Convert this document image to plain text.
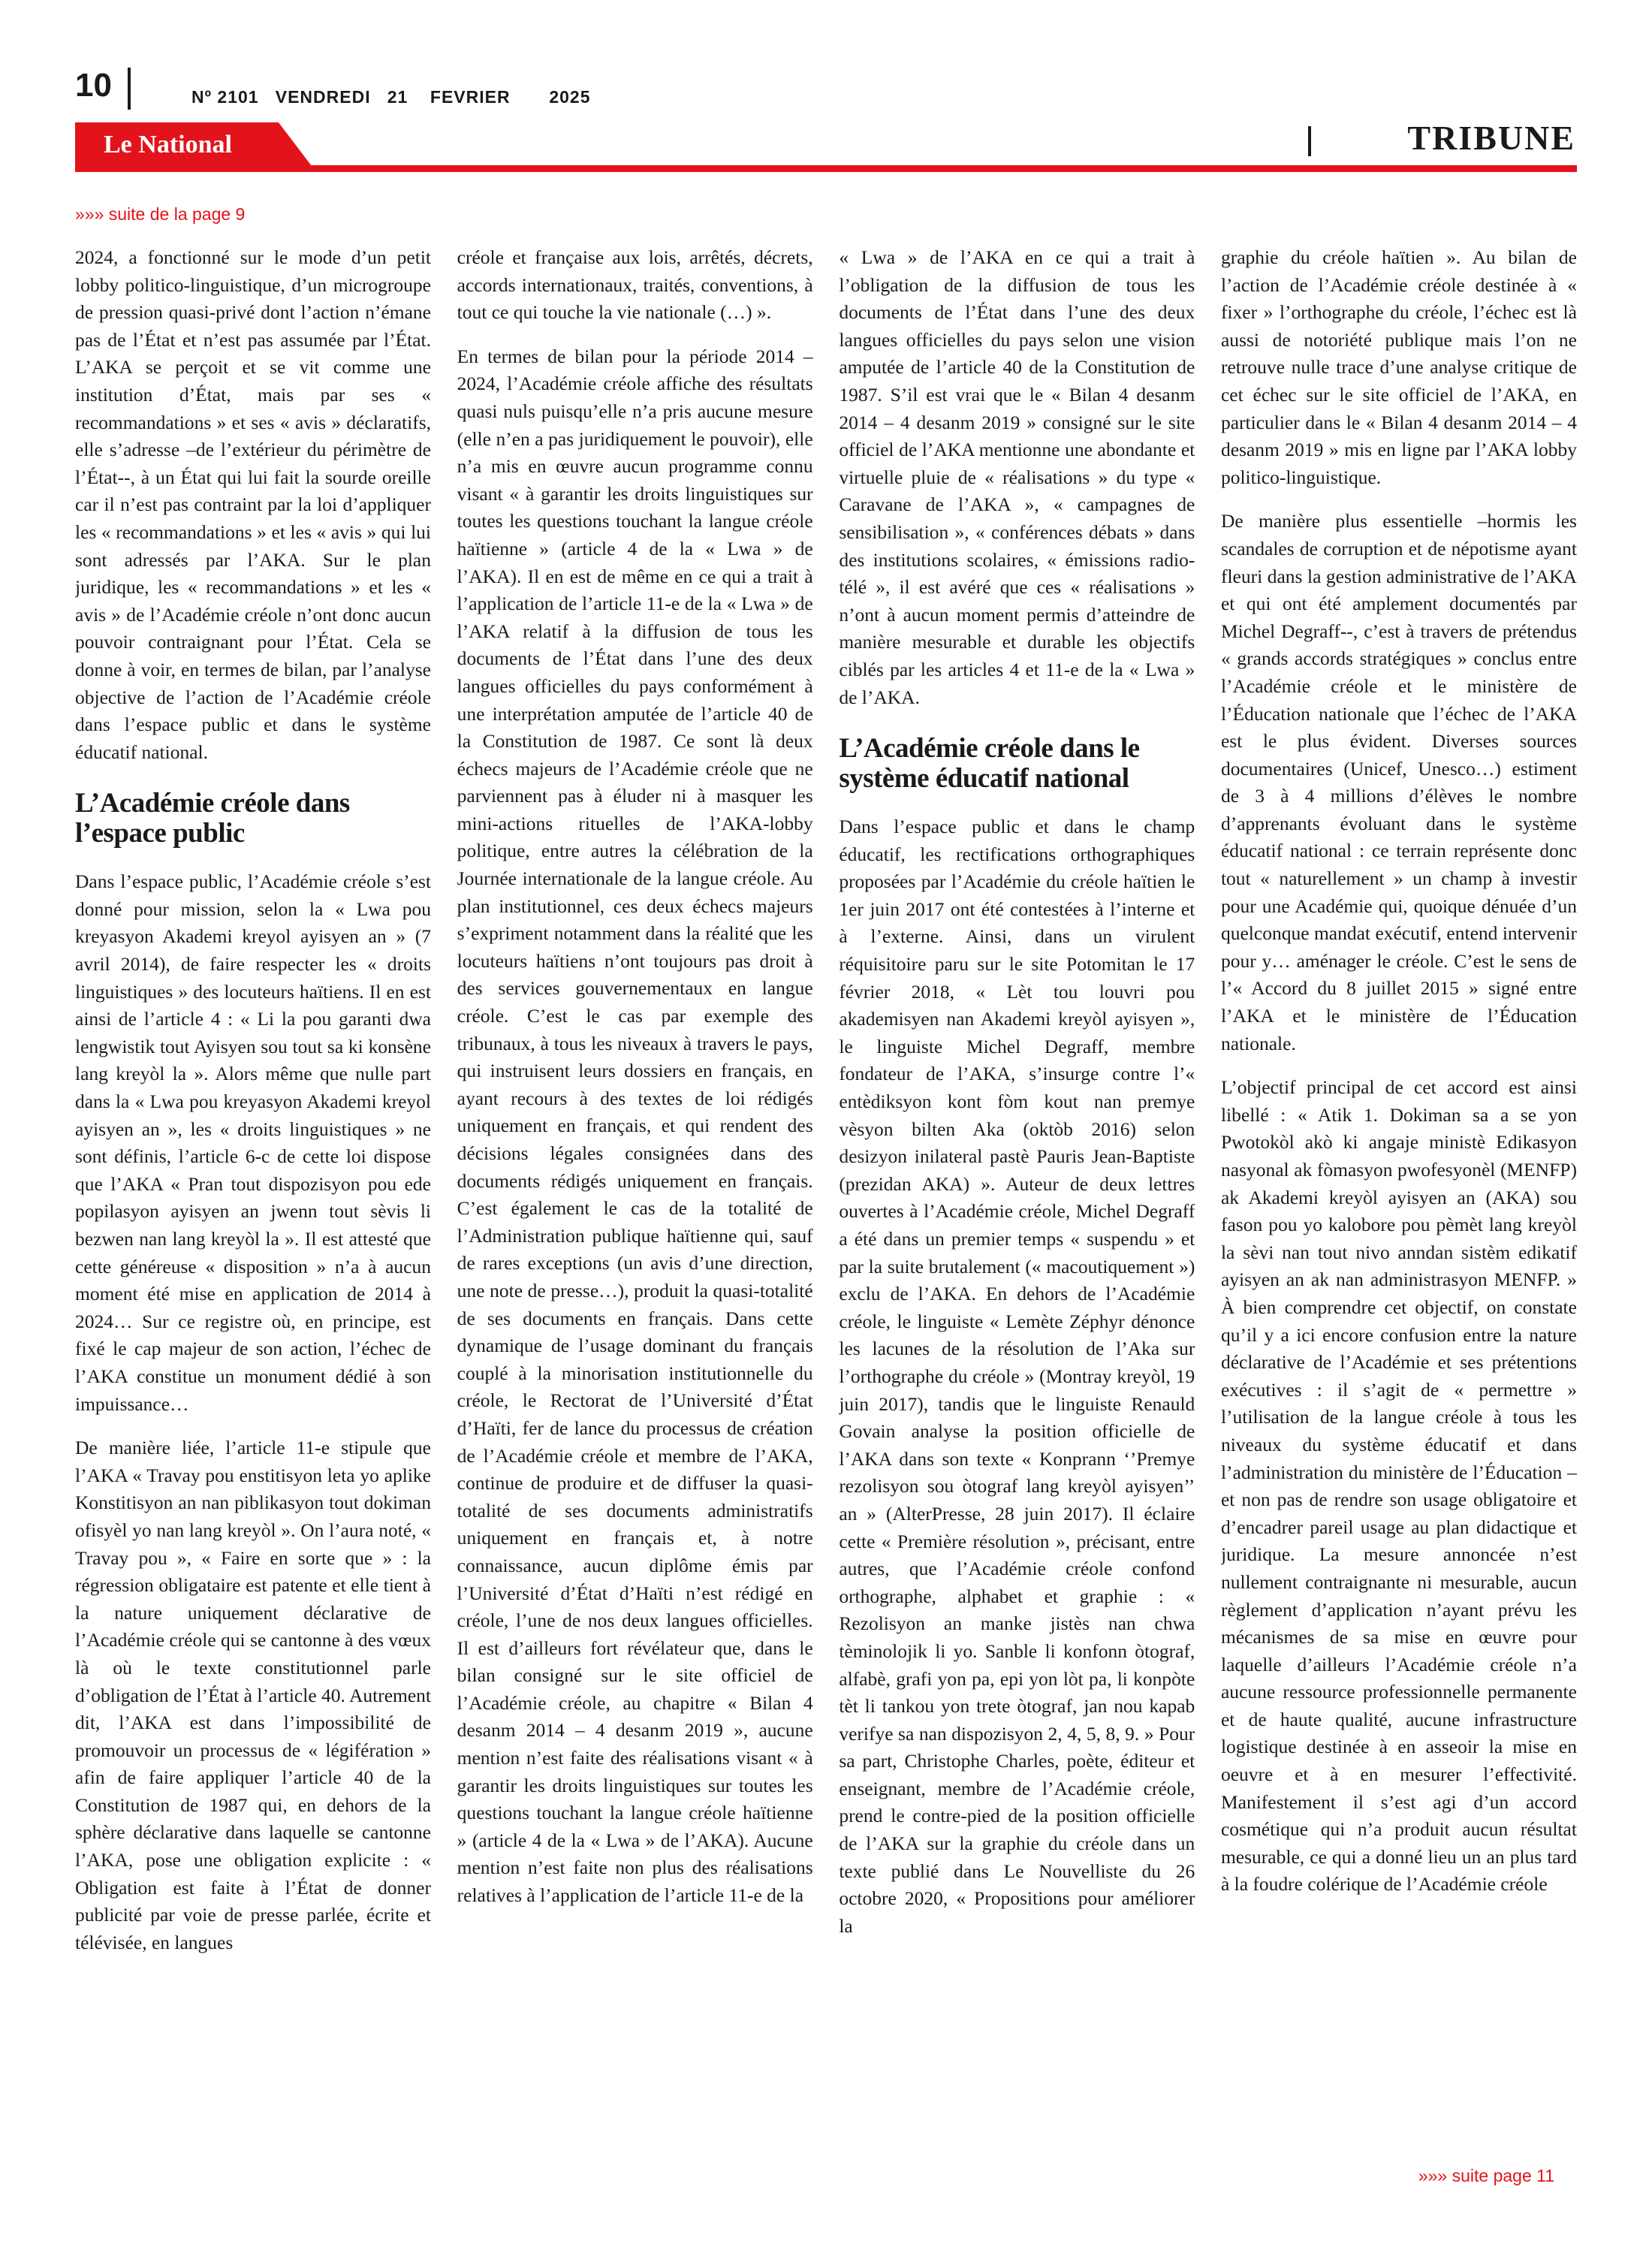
10	Nº 2101   VENDREDI   21    FEVRIER       2025
Le National	TRIBUNE
»»» suite de la page 9

2024, a fonctionné sur le mode d’un petit lobby politico-linguistique, d’un microgroupe de pression quasi-privé dont l’action n’émane pas de l’État et n’est pas assumée par l’État. L’AKA se perçoit et se vit comme une institution d’État, mais par ses « recommandations » et ses « avis » déclaratifs, elle s’adresse –de l’extérieur du périmètre de l’État--, à un État qui lui fait la sourde oreille car il n’est pas contraint par la loi d’appliquer les « recommandations » et les « avis » qui lui sont adressés par l’AKA. Sur le plan juridique, les « recommandations » et les « avis » de l’Académie créole n’ont donc aucun pouvoir contraignant pour l’État. Cela se donne à voir, en termes de bilan, par l’analyse objective de l’action de l’Académie créole dans l’espace public et dans le système éducatif national.

L’Académie créole dans l’espace public

Dans l’espace public, l’Académie créole s’est donné pour mission, selon la « Lwa pou kreyasyon Akademi kreyol ayisyen an » (7 avril 2014), de faire respecter les « droits linguistiques » des locuteurs haïtiens. Il en est ainsi de l’article 4 : « Li la pou garanti dwa lengwistik tout Ayisyen sou tout sa ki konsène lang kreyòl la ». Alors même que nulle part dans la « Lwa pou kreyasyon Akademi kreyol ayisyen an », les « droits linguistiques » ne sont définis, l’article 6-c de cette loi dispose que l’AKA « Pran tout dispozisyon pou ede popilasyon ayisyen an jwenn tout sèvis li bezwen nan lang kreyòl la ». Il est attesté que cette généreuse « disposition » n’a à aucun moment été mise en application de 2014 à 2024… Sur ce registre où, en principe, est fixé le cap majeur de son action, l’échec de l’AKA constitue un monument dédié à son impuissance…

De manière liée, l’article 11-e stipule que l’AKA « Travay pou enstitisyon leta yo aplike Konstitisyon an nan piblikasyon tout dokiman ofisyèl yo nan lang kreyòl ». On l’aura noté, « Travay pou », « Faire en sorte que » : la régression obligataire est patente et elle tient à la nature uniquement déclarative de l’Académie créole qui se cantonne à des vœux là où le texte constitutionnel parle d’obligation de l’État à l’article 40. Autrement dit, l’AKA est dans l’impossibilité de promouvoir un processus de « légifération » afin de faire appliquer l’article 40 de la Constitution de 1987 qui, en dehors de la sphère déclarative dans laquelle se cantonne l’AKA, pose une obligation explicite : « Obligation est faite à l’État de donner publicité par voie de presse parlée, écrite et télévisée, en langues

créole et française aux lois, arrêtés, décrets, accords internationaux, traités, conventions, à tout ce qui touche la vie nationale (…) ».

En termes de bilan pour la période 2014 – 2024, l’Académie créole affiche des résultats quasi nuls puisqu’elle n’a pris aucune mesure (elle n’en a pas juridiquement le pouvoir), elle n’a mis en œuvre aucun programme connu visant « à garantir les droits linguistiques sur toutes les questions touchant la langue créole haïtienne » (article 4 de la « Lwa » de l’AKA). Il en est de même en ce qui a trait à l’application de l’article 11-e de la « Lwa » de l’AKA relatif à la diffusion de tous les documents de l’État dans l’une des deux langues officielles du pays conformément à une interprétation amputée de l’article 40 de la Constitution de 1987. Ce sont là deux échecs majeurs de l’Académie créole que ne parviennent pas à éluder ni à masquer les mini-actions rituelles de l’AKA-lobby politique, entre autres la célébration de la Journée internationale de la langue créole. Au plan institutionnel, ces deux échecs majeurs s’expriment notamment dans la réalité que les locuteurs haïtiens n’ont toujours pas droit à des services gouvernementaux en langue créole. C’est le cas par exemple des tribunaux, à tous les niveaux à travers le pays, qui instruisent leurs dossiers en français, en ayant recours à des textes de loi rédigés uniquement en français, et qui rendent des décisions légales consignées dans des documents rédigés uniquement en français. C’est également le cas de la totalité de l’Administration publique haïtienne qui, sauf de rares exceptions (un avis d’une direction, une note de presse…), produit la quasi-totalité de ses documents en français. Dans cette dynamique de l’usage dominant du français couplé à la minorisation institutionnelle du créole, le Rectorat de l’Université d’État d’Haïti, fer de lance du processus de création de l’Académie créole et membre de l’AKA, continue de produire et de diffuser la quasi-totalité de ses documents administratifs uniquement en français et, à notre connaissance, aucun diplôme émis par l’Université d’État d’Haïti n’est rédigé en créole, l’une de nos deux langues officielles. Il est d’ailleurs fort révélateur que, dans le bilan consigné sur le site officiel de l’Académie créole, au chapitre « Bilan 4 desanm 2014 – 4 desanm 2019 », aucune mention n’est faite des réalisations visant « à garantir les droits linguistiques sur toutes les questions touchant la langue créole haïtienne » (article 4 de la « Lwa » de l’AKA). Aucune mention n’est faite non plus des réalisations relatives à l’application de l’article 11-e de la

« Lwa » de l’AKA en ce qui a trait à l’obligation de la diffusion de tous les documents de l’État dans l’une des deux langues officielles du pays selon une vision amputée de l’article 40 de la Constitution de 1987. S’il est vrai que le « Bilan 4 desanm 2014 – 4 desanm 2019 » consigné sur le site officiel de l’AKA mentionne une abondante et virtuelle pluie de « réalisations » du type « Caravane de l’AKA », « campagnes de sensibilisation », « conférences débats » dans des institutions scolaires, « émissions radio-télé », il est avéré que ces « réalisations » n’ont à aucun moment permis d’atteindre de manière mesurable et durable les objectifs ciblés par les articles 4 et 11-e de la « Lwa » de l’AKA.

L’Académie créole dans le système éducatif national

Dans l’espace public et dans le champ éducatif, les rectifications orthographiques proposées par l’Académie du créole haïtien le 1er juin 2017 ont été contestées à l’interne et à l’externe. Ainsi, dans un virulent réquisitoire paru sur le site Potomitan le 17 février 2018, « Lèt tou louvri pou akademisyen nan Akademi kreyòl ayisyen », le linguiste Michel Degraff, membre fondateur de l’AKA, s’insurge contre l’« entèdiksyon kont fòm kout nan premye vèsyon bilten Aka (oktòb 2016) selon desizyon inilateral pastè Pauris Jean-Baptiste (prezidan AKA) ». Auteur de deux lettres ouvertes à l’Académie créole, Michel Degraff a été dans un premier temps « suspendu » et par la suite brutalement (« macoutiquement ») exclu de l’AKA. En dehors de l’Académie créole, le linguiste « Lemète Zéphyr dénonce les lacunes de la résolution de l’Aka sur l’orthographe du créole » (Montray kreyòl, 19 juin 2017), tandis que le linguiste Renauld Govain analyse la position officielle de l’AKA dans son texte « Konprann ‘’Premye rezolisyon sou òtograf lang kreyòl ayisyen’’ an » (AlterPresse, 28 juin 2017). Il éclaire cette « Première résolution », précisant, entre autres, que l’Académie créole confond orthographe, alphabet et graphie : « Rezolisyon an manke jistès nan chwa tèminolojik li yo. Sanble li konfonn òtograf, alfabè, grafi yon pa, epi yon lòt pa, li konpòte tèt li tankou yon trete òtograf, jan nou kapab verifye sa nan dispozisyon 2, 4, 5, 8, 9. » Pour sa part, Christophe Charles, poète, éditeur et enseignant, membre de l’Académie créole, prend le contre-pied de la position officielle de l’AKA sur la graphie du créole dans un texte publié dans Le Nouvelliste du 26 octobre 2020, « Propositions pour améliorer la

graphie du créole haïtien ». Au bilan de l’action de l’Académie créole destinée à « fixer » l’orthographe du créole, l’échec est là aussi de notoriété publique mais l’on ne retrouve nulle trace d’une analyse critique de cet échec sur le site officiel de l’AKA, en particulier dans le « Bilan 4 desanm 2014 – 4 desanm 2019 » mis en ligne par l’AKA lobby politico-linguistique.

De manière plus essentielle –hormis les scandales de corruption et de népotisme ayant fleuri dans la gestion administrative de l’AKA et qui ont été amplement documentés par Michel Degraff--, c’est à travers de prétendus « grands accords stratégiques » conclus entre l’Académie créole et le ministère de l’Éducation nationale que l’échec de l’AKA est le plus évident. Diverses sources documentaires (Unicef, Unesco…) estiment de 3 à 4 millions d’élèves le nombre d’apprenants évoluant dans le système éducatif national : ce terrain représente donc tout « naturellement » un champ à investir pour une Académie qui, quoique dénuée d’un quelconque mandat exécutif, entend intervenir pour y… aménager le créole. C’est le sens de l’« Accord du 8 juillet 2015 » signé entre l’AKA et le ministère de l’Éducation nationale.

L’objectif principal de cet accord est ainsi libellé : « Atik 1. Dokiman sa a se yon Pwotokòl akò ki angaje ministè Edikasyon nasyonal ak fòmasyon pwofesyonèl (MENFP) ak Akademi kreyòl ayisyen an (AKA) sou fason pou yo kalobore pou pèmèt lang kreyòl la sèvi nan tout nivo anndan sistèm edikatif ayisyen an ak nan administrasyon MENFP. » À bien comprendre cet objectif, on constate qu’il y a ici encore confusion entre la nature déclarative de l’Académie et ses prétentions exécutives : il s’agit de « permettre » l’utilisation de la langue créole à tous les niveaux du système éducatif et dans l’administration du ministère de l’Éducation –et non pas de rendre son usage obligatoire et d’encadrer pareil usage au plan didactique et juridique. La mesure annoncée n’est nullement contraignante ni mesurable, aucun règlement d’application n’ayant prévu les mécanismes de sa mise en œuvre pour laquelle d’ailleurs l’Académie créole n’a aucune ressource professionnelle permanente et de haute qualité, aucune infrastructure logistique destinée à en asseoir la mise en oeuvre et à en mesurer l’effectivité. Manifestement il s’est agi d’un accord cosmétique qui n’a produit aucun résultat mesurable, ce qui a donné lieu un an plus tard à la foudre colérique de l’Académie créole

»»» suite page 11
